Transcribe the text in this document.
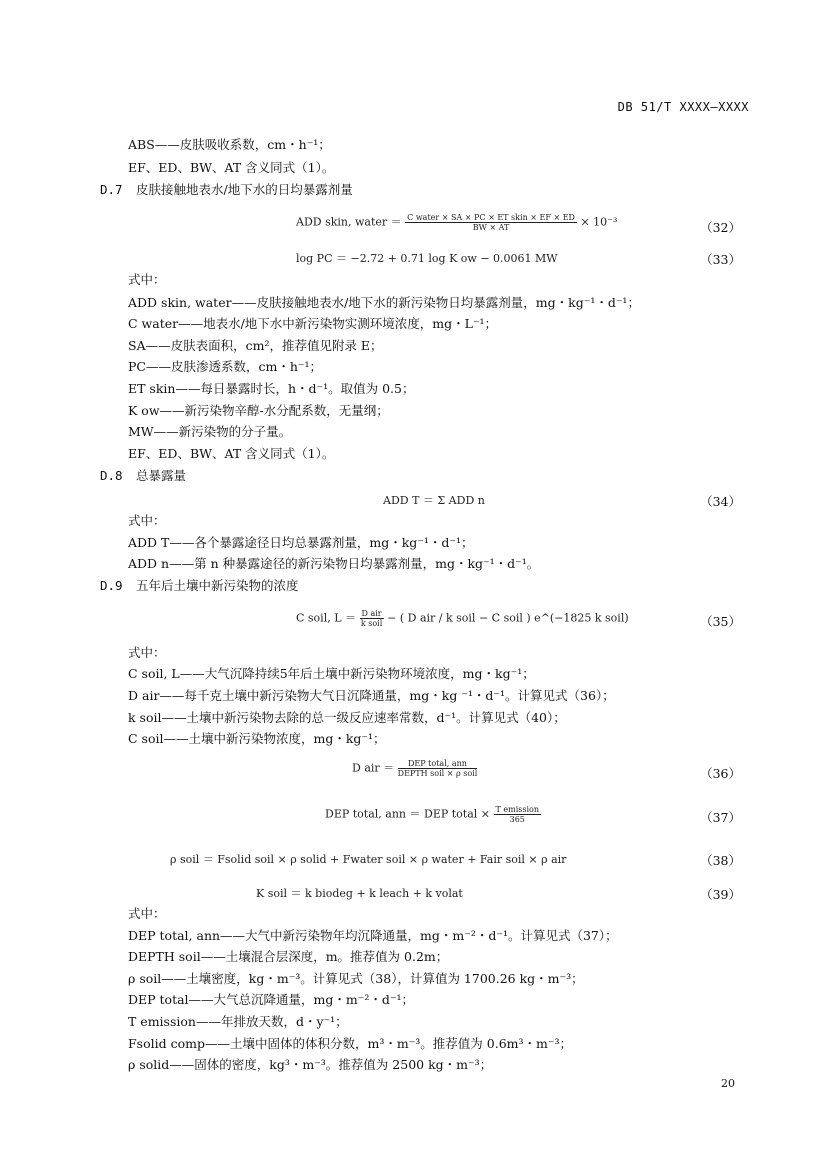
DB 51/T XXXX—XXXX
ABS——皮肤吸收系数，cm・h⁻¹；
EF、ED、BW、AT 含义同式（1）。
D.7 皮肤接触地表水/地下水的日均暴露剂量
ADD skin, water ＝ $\frac{\text{C water × SA × PC × ET skin × EF × ED}}{BW \times AT} \times 10^{-3}$	（32）
log PC ＝ −2.72 + 0.71 log K ow − 0.0061 MW	（33）
式中：
ADD skin, water——皮肤接触地表水/地下水的新污染物日均暴露剂量，mg・kg⁻¹・d⁻¹；
C water——地表水/地下水中新污染物实测环境浓度，mg・L⁻¹；
SA——皮肤表面积，cm²，推荐值见附录 E；
PC——皮肤渗透系数，cm・h⁻¹；
ET skin——每日暴露时长，h・d⁻¹。取值为 0.5；
K ow——新污染物辛醇-水分配系数，无量纲；
MW——新污染物的分子量。
EF、ED、BW、AT 含义同式（1）。
D.8 总暴露量
ADD T ＝ Σ ADD n	（34）
式中：
ADD T——各个暴露途径日均总暴露剂量，mg・kg⁻¹・d⁻¹；
ADD n——第 n 种暴露途径的新污染物日均暴露剂量，mg・kg⁻¹・d⁻¹。
D.9 五年后土壤中新污染物的浓度
C soil, $L = \frac{\text{D air}}{\text{k soil}}$ − ( D air / k soil − C soil ) e^(−1825 k soil)	（35）
式中：
C soil, L——大气沉降持续5年后土壤中新污染物环境浓度，mg・kg⁻¹；
D air——每千克土壤中新污染物大气日沉降通量，mg・kg ⁻¹・d⁻¹。计算见式（36）；
k soil——土壤中新污染物去除的总一级反应速率常数，d⁻¹。计算见式（40）；
C soil——土壤中新污染物浓度，mg・kg⁻¹；
D air ＝ $\frac{\text{DEP total, ann}}{\text{DEPTH soil × ρ soil}}$	（36）
DEP total, ann ＝ DEP total × $\frac{\text{T emission}}{365}$	（37）
ρ soil ＝ Fsolid soil × ρ solid + Fwater soil × ρ water + Fair soil × ρ air	（38）
K soil ＝ k biodeg + k leach + k volat	（39）
式中：
DEP total, ann——大气中新污染物年均沉降通量，mg・m⁻²・d⁻¹。计算见式（37）；
DEPTH soil——土壤混合层深度，m。推荐值为 0.2m；
ρ soil——土壤密度，kg・m⁻³。计算见式（38），计算值为 1700.26 kg・m⁻³；
DEP total——大气总沉降通量，mg・m⁻²・d⁻¹；
T emission——年排放天数，d・y⁻¹；
Fsolid comp——土壤中固体的体积分数，m³・m⁻³。推荐值为 0.6m³・m⁻³；
ρ solid——固体的密度，kg³・m⁻³。推荐值为 2500 kg・m⁻³；
20
